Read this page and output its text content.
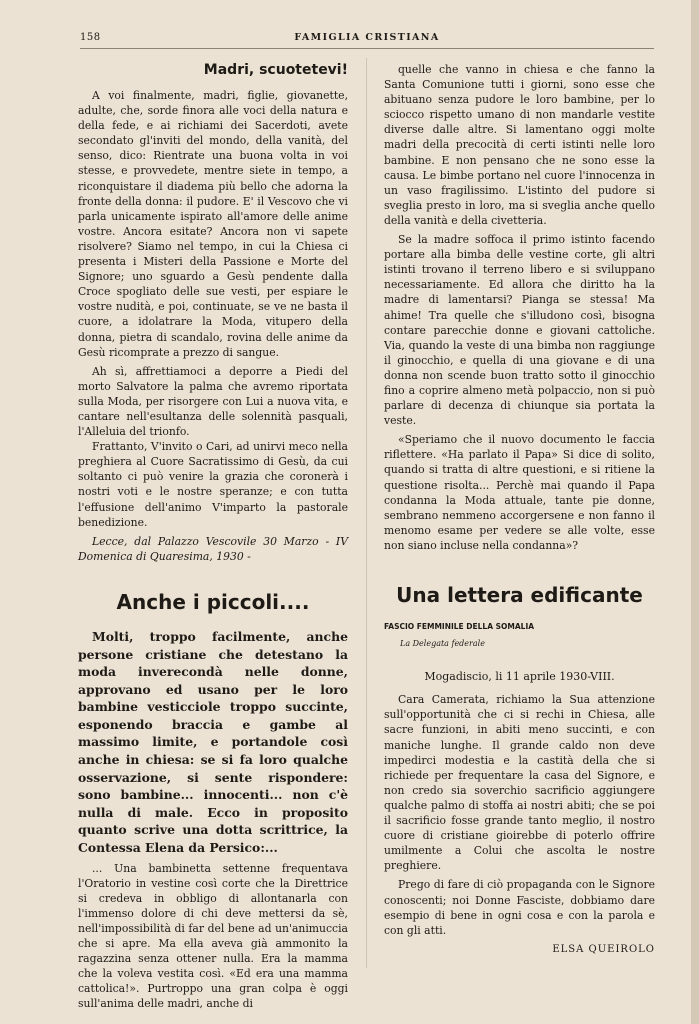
158	FAMIGLIA CRISTIANA
Madri, scuotetevi!

A voi finalmente, madri, figlie, giovanette, adulte, che, sorde finora alle voci della natura e della fede, e ai richiami dei Sacerdoti, avete secondato gl'inviti del mondo, della vanità, del senso, dico: Rientrate una buona volta in voi stesse, e provvedete, mentre siete in tempo, a riconquistare il diadema più bello che adorna la fronte della donna: il pudore. E' il Vescovo che vi parla unicamente ispirato all'amore delle anime vostre. Ancora esitate? Ancora non vi sapete risolvere? Siamo nel tempo, in cui la Chiesa ci presenta i Misteri della Passione e Morte del Signore; uno sguardo a Gesù pendente dalla Croce spogliato delle sue vesti, per espiare le vostre nudità, e poi, continuate, se ve ne basta il cuore, a idolatrare la Moda, vitupero della donna, pietra di scandalo, rovina delle anime da Gesù ricomprate a prezzo di sangue.

Ah sì, affrettiamoci a deporre a Piedi del morto Salvatore la palma che avremo riportata sulla Moda, per risorgere con Lui a nuova vita, e cantare nell'esultanza delle solennità pasquali, l'Alleluia del trionfo.

Frattanto, V'invito o Cari, ad unirvi meco nella preghiera al Cuore Sacratissimo di Gesù, da cui soltanto ci può venire la grazia che coronerà i nostri voti e le nostre speranze; e con tutta l'effusione dell'animo V'imparto la pastorale benedizione.

Lecce, dal Palazzo Vescovile 30 Marzo - IV Domenica di Quaresima, 1930 -

Anche i piccoli....

Molti, troppo facilmente, anche persone cristiane che detestano la moda inverecondà nelle donne, approvano ed usano per le loro bambine vesticciole troppo succinte, esponendo braccia e gambe al massimo limite, e portandole così anche in chiesa: se si fa loro qualche osservazione, si sente rispondere: sono bambine... innocenti... non c'è nulla di male. Ecco in proposito quanto scrive una dotta scrittrice, la Contessa Elena da Persico:...

... Una bambinetta settenne frequentava l'Oratorio in vestine così corte che la Direttrice si credeva in obbligo di allontanarla con l'immenso dolore di chi deve mettersi da sè, nell'impossibilità di far del bene ad un'animuccia che si apre. Ma ella aveva già ammonito la ragazzina senza ottener nulla. Era la mamma che la voleva vestita così. «Ed era una mamma cattolica!». Purtroppo una gran colpa è oggi sull'anima delle madri, anche di

quelle che vanno in chiesa e che fanno la Santa Comunione tutti i giorni, sono esse che abituano senza pudore le loro bambine, per lo sciocco rispetto umano di non mandarle vestite diverse dalle altre. Si lamentano oggi molte madri della precocità di certi istinti nelle loro bambine. E non pensano che ne sono esse la causa. Le bimbe portano nel cuore l'innocenza in un vaso fragilissimo. L'istinto del pudore si sveglia presto in loro, ma si sveglia anche quello della vanità e della civetteria.

Se la madre soffoca il primo istinto facendo portare alla bimba delle vestine corte, gli altri istinti trovano il terreno libero e si sviluppano necessariamente. Ed allora che diritto ha la madre di lamentarsi? Pianga se stessa! Ma ahime! Tra quelle che s'illudono così, bisogna contare parecchie donne e giovani cattoliche. Via, quando la veste di una bimba non raggiunge il ginocchio, e quella di una giovane e di una donna non scende buon tratto sotto il ginocchio fino a coprire almeno metà polpaccio, non si può parlare di decenza di chiunque sia portata la veste.

«Speriamo che il nuovo documento le faccia riflettere. «Ha parlato il Papa» Si dice di solito, quando si tratta di altre questioni, e si ritiene la questione risolta... Perchè mai quando il Papa condanna la Moda attuale, tante pie donne, sembrano nemmeno accorgersene e non fanno il menomo esame per vedere se alle volte, esse non siano incluse nella condanna»?

Una lettera edificante

FASCIO FEMMINILE DELLA SOMALIA

La Delegata federale

Mogadiscio, li 11 aprile 1930-VIII.

Cara Camerata, richiamo la Sua attenzione sull'opportunità che ci si rechi in Chiesa, alle sacre funzioni, in abiti meno succinti, e con maniche lunghe. Il grande caldo non deve impedirci modestia e la castità della che si richiede per frequentare la casa del Signore, e non credo sia soverchio sacrificio aggiungere qualche palmo di stoffa ai nostri abiti; che se poi il sacrificio fosse grande tanto meglio, il nostro cuore di cristiane gioirebbe di poterlo offrire umilmente a Colui che ascolta le nostre preghiere.

Prego di fare di ciò propaganda con le Signore conoscenti; noi Donne Fasciste, dobbiamo dare esempio di bene in ogni cosa e con la parola e con gli atti.

ELSA QUEIROLO
